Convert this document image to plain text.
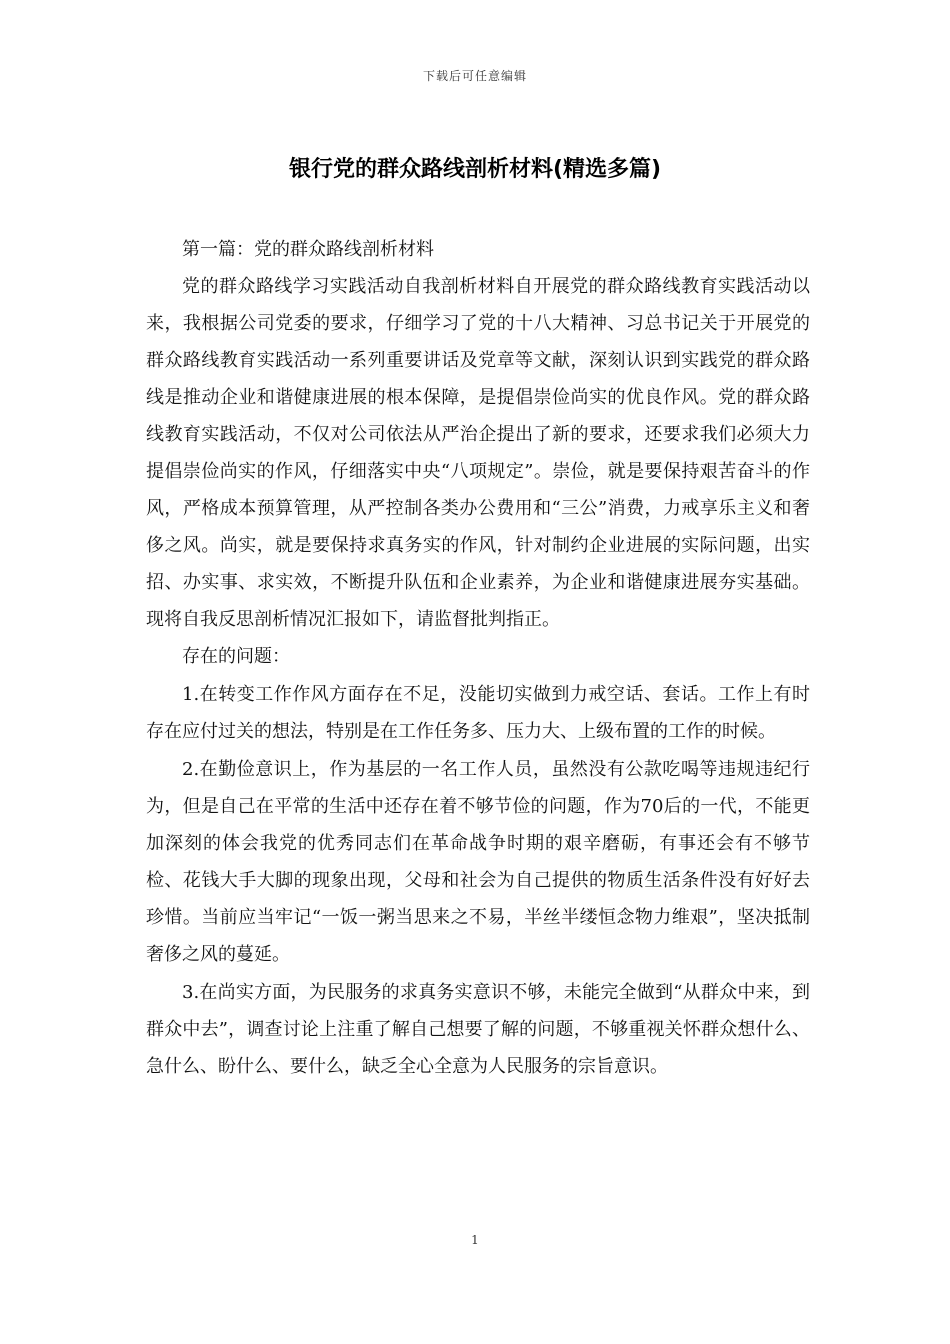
下载后可任意编辑
银行党的群众路线剖析材料(精选多篇)

第一篇：党的群众路线剖析材料

党的群众路线学习实践活动自我剖析材料自开展党的群众路线教育实践活动以来，我根据公司党委的要求，仔细学习了党的十八大精神、习总书记关于开展党的群众路线教育实践活动一系列重要讲话及党章等文献，深刻认识到实践党的群众路线是推动企业和谐健康进展的根本保障，是提倡崇俭尚实的优良作风。党的群众路线教育实践活动，不仅对公司依法从严治企提出了新的要求，还要求我们必须大力提倡崇俭尚实的作风，仔细落实中央“八项规定”。崇俭，就是要保持艰苦奋斗的作风，严格成本预算管理，从严控制各类办公费用和“三公”消费，力戒享乐主义和奢侈之风。尚实，就是要保持求真务实的作风，针对制约企业进展的实际问题，出实招、办实事、求实效，不断提升队伍和企业素养，为企业和谐健康进展夯实基础。现将自我反思剖析情况汇报如下，请监督批判指正。

存在的问题：

1.在转变工作作风方面存在不足，没能切实做到力戒空话、套话。工作上有时存在应付过关的想法，特别是在工作任务多、压力大、上级布置的工作的时候。

2.在勤俭意识上，作为基层的一名工作人员，虽然没有公款吃喝等违规违纪行为，但是自己在平常的生活中还存在着不够节俭的问题，作为70后的一代，不能更加深刻的体会我党的优秀同志们在革命战争时期的艰辛磨砺，有事还会有不够节检、花钱大手大脚的现象出现，父母和社会为自己提供的物质生活条件没有好好去珍惜。当前应当牢记“一饭一粥当思来之不易，半丝半缕恒念物力维艰”，坚决抵制奢侈之风的蔓延。

3.在尚实方面，为民服务的求真务实意识不够，未能完全做到“从群众中来，到群众中去”，调查讨论上注重了解自己想要了解的问题，不够重视关怀群众想什么、急什么、盼什么、要什么，缺乏全心全意为人民服务的宗旨意识。

1
